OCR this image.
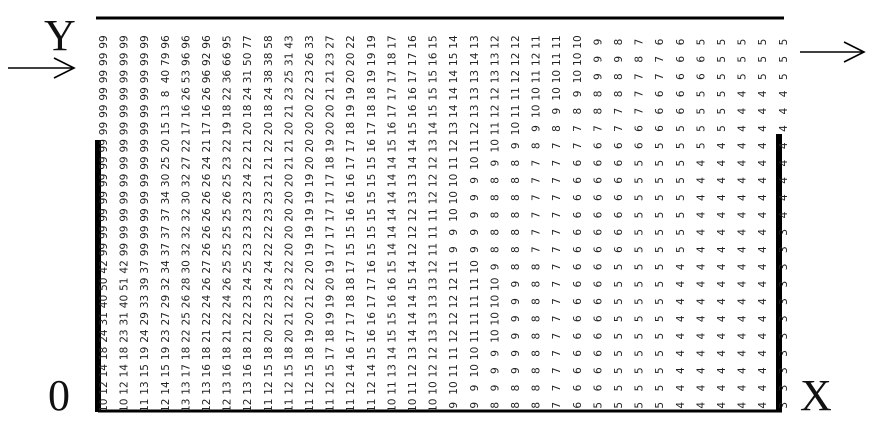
Y
X
0
99
99
99
99
99
99
99
99
99
99
99
99
99
42
50
40
31
24
18
14
12
10
99
99
99
99
99
99
99
99
99
99
99
99
99
42
51
40
31
23
18
14
12
10
99
99
99
99
99
99
99
99
99
99
99
99
99
37
39
33
29
24
19
15
13
11
96
79
40
8
13
15
20
25
30
34
37
37
37
34
32
29
27
23
19
15
14
12
96
96
53
26
16
17
22
27
32
30
32
32
32
30
28
26
25
22
18
17
13
13
96
92
96
26
16
17
21
24
26
26
26
26
26
27
26
24
22
21
18
16
13
12
95
66
36
22
18
19
22
23
25
26
25
25
25
25
26
24
22
21
18
16
13
12
77
50
31
24
18
20
21
22
24
23
23
23
23
25
24
23
22
21
18
16
13
12
58
38
38
24
18
20
22
21
21
23
23
22
22
24
24
23
22
20
18
15
12
11
43
31
25
23
21
20
21
21
20
20
20
20
20
22
23
22
21
20
18
15
12
11
33
26
23
22
20
20
20
20
19
19
19
19
19
20
22
21
20
19
18
15
12
11
27
23
21
21
20
20
19
18
17
17
17
17
17
19
20
19
19
18
17
15
12
11
22
20
20
19
19
18
17
17
16
16
16
15
15
17
18
18
17
17
16
14
12
11
19
19
19
18
18
17
16
15
15
15
15
15
15
16
17
17
16
16
15
14
12
11
17
18
17
17
17
16
15
14
14
14
14
14
14
15
16
16
15
15
14
13
11
10
16
17
17
16
16
15
14
14
13
13
12
12
12
14
15
14
14
14
13
12
11
10
15
16
15
15
15
14
13
12
12
12
11
11
11
12
13
13
13
13
12
12
10
10
14
15
14
14
14
13
12
11
10
10
10
9
9
11
12
12
12
12
11
11
10
9
13
14
13
13
13
12
11
10
9
9
9
9
9
10
11
11
11
11
10
10
9
9
12
13
13
12
12
11
10
9
8
8
8
8
8
9
10
10
10
10
9
9
9
8
12
12
12
11
11
10
9
8
8
8
8
8
8
8
9
9
9
9
9
9
8
8
11
12
11
10
10
9
8
7
7
7
7
7
7
8
8
8
8
8
8
8
8
8
11
11
10
10
9
8
7
7
7
7
7
7
7
7
7
7
7
7
7
7
7
7
10
10
10
9
8
7
7
6
6
6
6
6
6
6
6
6
6
6
6
6
6
6
9
9
9
8
8
7
6
6
6
6
6
6
6
6
6
6
6
6
6
6
6
5
8
9
8
8
7
7
6
6
6
6
6
6
6
5
5
5
5
5
5
5
5
5
7
8
7
7
7
6
6
5
5
5
5
5
5
5
5
5
5
5
5
5
5
5
6
7
7
6
6
6
5
5
5
5
5
5
5
5
5
5
5
5
5
5
5
5
6
6
6
6
6
5
5
5
5
5
5
5
5
4
4
4
4
4
4
4
4
4
5
6
6
5
5
5
5
4
4
4
4
4
4
4
4
4
4
4
4
4
4
4
5
5
5
5
5
5
4
4
4
4
4
4
4
4
4
4
4
4
4
4
4
4
5
5
5
4
4
4
4
4
4
4
4
4
4
4
4
4
4
4
4
4
4
4
5
5
5
4
4
4
4
4
4
4
4
4
4
4
4
4
4
4
4
4
4
4
5
5
5
4
4
4
4
4
4
4
4
3
3
3
3
3
3
3
3
3
3
3
